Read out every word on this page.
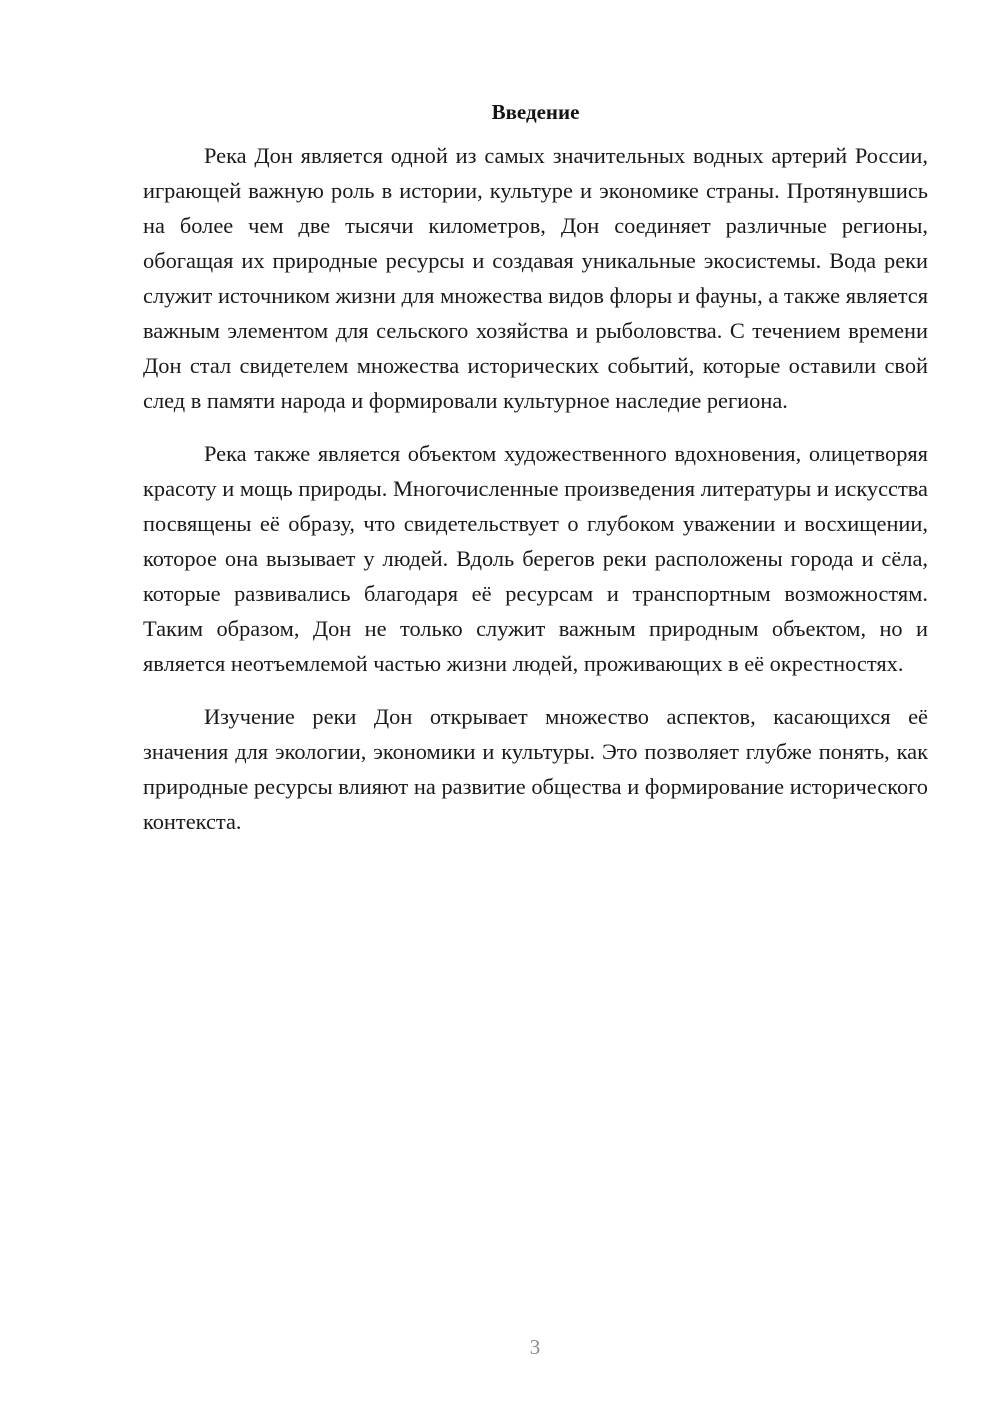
Введение

Река Дон является одной из самых значительных водных артерий России, играющей важную роль в истории, культуре и экономике страны. Протянувшись на более чем две тысячи километров, Дон соединяет различные регионы, обогащая их природные ресурсы и создавая уникальные экосистемы. Вода реки служит источником жизни для множества видов флоры и фауны, а также является важным элементом для сельского хозяйства и рыболовства. С течением времени Дон стал свидетелем множества исторических событий, которые оставили свой след в памяти народа и формировали культурное наследие региона.

Река также является объектом художественного вдохновения, олицетворяя красоту и мощь природы. Многочисленные произведения литературы и искусства посвящены её образу, что свидетельствует о глубоком уважении и восхищении, которое она вызывает у людей. Вдоль берегов реки расположены города и сёла, которые развивались благодаря её ресурсам и транспортным возможностям. Таким образом, Дон не только служит важным природным объектом, но и является неотъемлемой частью жизни людей, проживающих в её окрестностях.

Изучение реки Дон открывает множество аспектов, касающихся её значения для экологии, экономики и культуры. Это позволяет глубже понять, как природные ресурсы влияют на развитие общества и формирование исторического контекста.

3
